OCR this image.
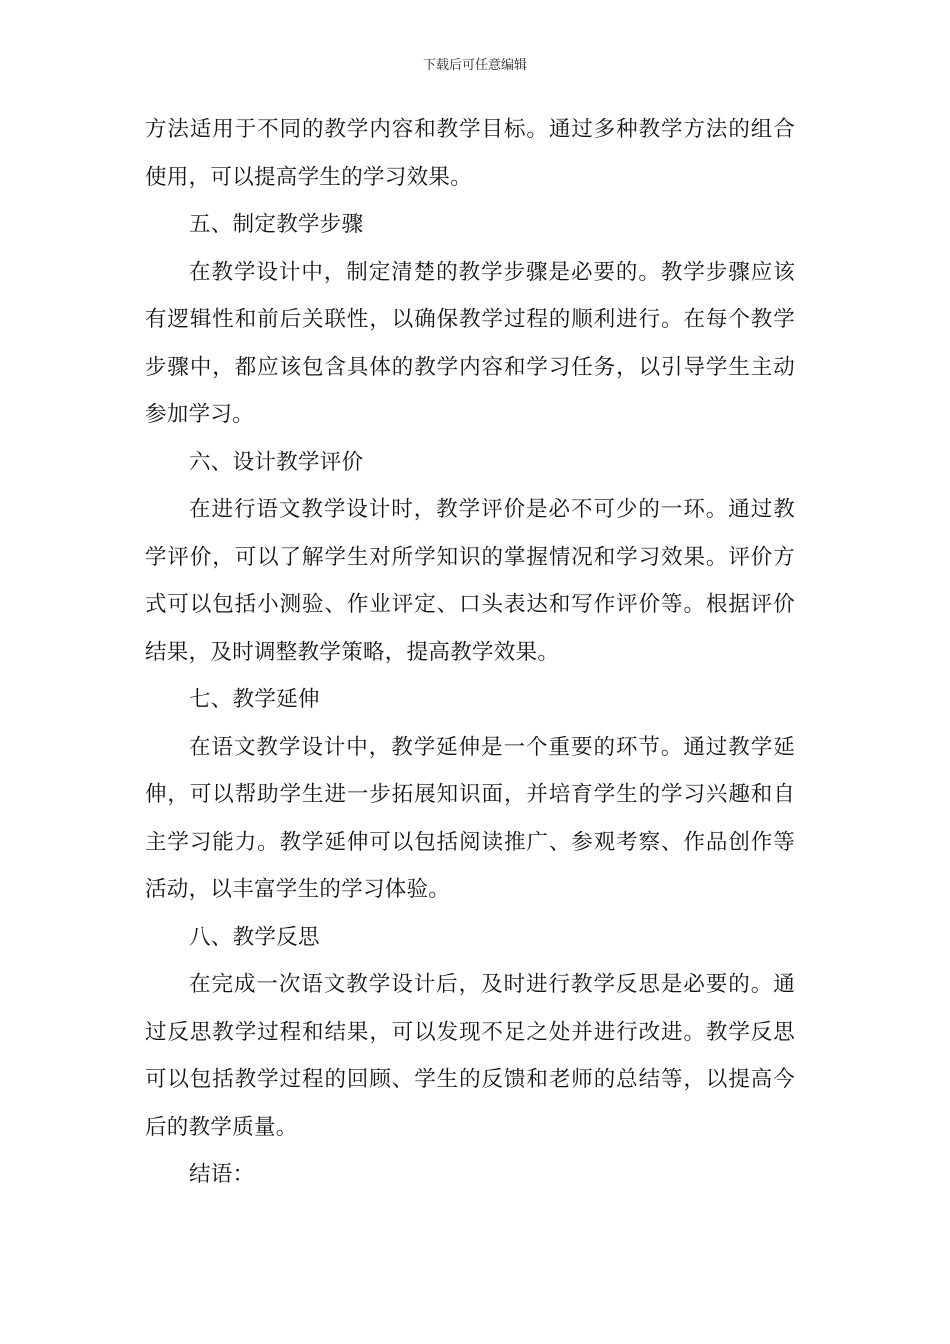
下载后可任意编辑

方法适用于不同的教学内容和教学目标。通过多种教学方法的组合使用，可以提高学生的学习效果。

五、制定教学步骤

在教学设计中，制定清楚的教学步骤是必要的。教学步骤应该有逻辑性和前后关联性，以确保教学过程的顺利进行。在每个教学步骤中，都应该包含具体的教学内容和学习任务，以引导学生主动参加学习。

六、设计教学评价

在进行语文教学设计时，教学评价是必不可少的一环。通过教学评价，可以了解学生对所学知识的掌握情况和学习效果。评价方式可以包括小测验、作业评定、口头表达和写作评价等。根据评价结果，及时调整教学策略，提高教学效果。

七、教学延伸

在语文教学设计中，教学延伸是一个重要的环节。通过教学延伸，可以帮助学生进一步拓展知识面，并培育学生的学习兴趣和自主学习能力。教学延伸可以包括阅读推广、参观考察、作品创作等活动，以丰富学生的学习体验。

八、教学反思

在完成一次语文教学设计后，及时进行教学反思是必要的。通过反思教学过程和结果，可以发现不足之处并进行改进。教学反思可以包括教学过程的回顾、学生的反馈和老师的总结等，以提高今后的教学质量。

结语：
